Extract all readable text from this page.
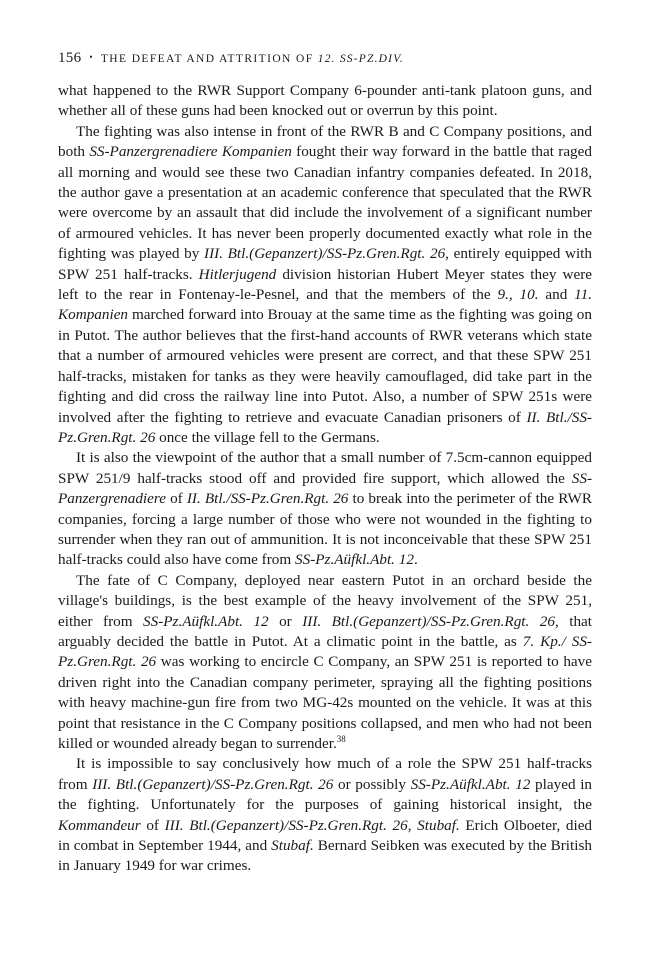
156 • THE DEFEAT AND ATTRITION OF 12. SS-PZ.DIV.

what happened to the RWR Support Company 6-pounder anti-tank platoon guns, and whether all of these guns had been knocked out or overrun by this point.

The fighting was also intense in front of the RWR B and C Company positions, and both SS-Panzergrenadiere Kompanien fought their way forward in the battle that raged all morning and would see these two Canadian infantry companies defeated. In 2018, the author gave a presentation at an academic conference that speculated that the RWR were overcome by an assault that did include the involvement of a significant number of armoured vehicles. It has never been properly documented exactly what role in the fighting was played by III. Btl.(Gepanzert)/SS-Pz.Gren.Rgt. 26, entirely equipped with SPW 251 half-tracks. Hitlerjugend division historian Hubert Meyer states they were left to the rear in Fontenay-le-Pesnel, and that the members of the 9., 10. and 11. Kompanien marched forward into Brouay at the same time as the fighting was going on in Putot. The author believes that the first-hand accounts of RWR veterans which state that a number of armoured vehicles were present are correct, and that these SPW 251 half-tracks, mistaken for tanks as they were heavily camouflaged, did take part in the fighting and did cross the railway line into Putot. Also, a number of SPW 251s were involved after the fighting to retrieve and evacuate Canadian prisoners of II. Btl./SS-Pz.Gren.Rgt. 26 once the village fell to the Germans.

It is also the viewpoint of the author that a small number of 7.5cm-cannon equipped SPW 251/9 half-tracks stood off and provided fire support, which allowed the SS-Panzergrenadiere of II. Btl./SS-Pz.Gren.Rgt. 26 to break into the perimeter of the RWR companies, forcing a large number of those who were not wounded in the fighting to surrender when they ran out of ammunition. It is not inconceivable that these SPW 251 half-tracks could also have come from SS-Pz.Aüfkl.Abt. 12.

The fate of C Company, deployed near eastern Putot in an orchard beside the village's buildings, is the best example of the heavy involvement of the SPW 251, either from SS-Pz.Aüfkl.Abt. 12 or III. Btl.(Gepanzert)/SS-Pz.Gren.Rgt. 26, that arguably decided the battle in Putot. At a climatic point in the battle, as 7. Kp./ SS-Pz.Gren.Rgt. 26 was working to encircle C Company, an SPW 251 is reported to have driven right into the Canadian company perimeter, spraying all the fighting positions with heavy machine-gun fire from two MG-42s mounted on the vehicle. It was at this point that resistance in the C Company positions collapsed, and men who had not been killed or wounded already began to surrender.$^{38}$

It is impossible to say conclusively how much of a role the SPW 251 half-tracks from III. Btl.(Gepanzert)/SS-Pz.Gren.Rgt. 26 or possibly SS-Pz.Aüfkl.Abt. 12 played in the fighting. Unfortunately for the purposes of gaining historical insight, the Kommandeur of III. Btl.(Gepanzert)/SS-Pz.Gren.Rgt. 26, Stubaf. Erich Olboeter, died in combat in September 1944, and Stubaf. Bernard Seibken was executed by the British in January 1949 for war crimes.
